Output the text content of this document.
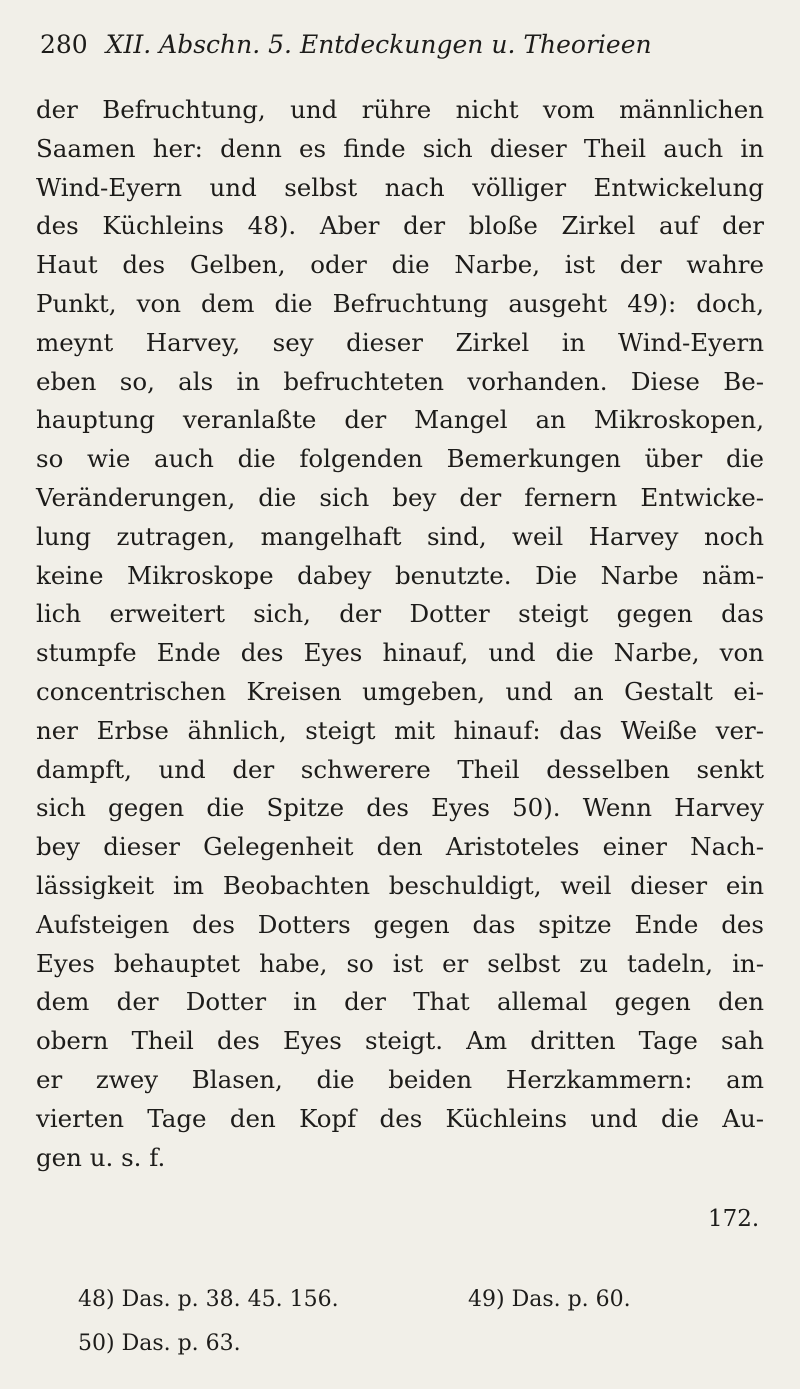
280 XII. Abschn. 5. Entdeckungen u. Theorieen
der Befruchtung, und rühre nicht vom männlichen
Saamen her: denn es finde sich dieser Theil auch in
Wind-Eyern und selbst nach völliger Entwickelung
des Küchleins 48). Aber der bloße Zirkel auf der
Haut des Gelben, oder die Narbe, ist der wahre
Punkt, von dem die Befruchtung ausgeht 49): doch,
meynt Harvey, sey dieser Zirkel in Wind-Eyern
eben so, als in befruchteten vorhanden. Diese Be-
hauptung veranlaßte der Mangel an Mikroskopen,
so wie auch die folgenden Bemerkungen über die
Veränderungen, die sich bey der fernern Entwicke-
lung zutragen, mangelhaft sind, weil Harvey noch
keine Mikroskope dabey benutzte. Die Narbe näm-
lich erweitert sich, der Dotter steigt gegen das
stumpfe Ende des Eyes hinauf, und die Narbe, von
concentrischen Kreisen umgeben, und an Gestalt ei-
ner Erbse ähnlich, steigt mit hinauf: das Weiße ver-
dampft, und der schwerere Theil desselben senkt
sich gegen die Spitze des Eyes 50). Wenn Harvey
bey dieser Gelegenheit den Aristoteles einer Nach-
lässigkeit im Beobachten beschuldigt, weil dieser ein
Aufsteigen des Dotters gegen das spitze Ende des
Eyes behauptet habe, so ist er selbst zu tadeln, in-
dem der Dotter in der That allemal gegen den
obern Theil des Eyes steigt. Am dritten Tage sah
er zwey Blasen, die beiden Herzkammern: am
vierten Tage den Kopf des Küchleins und die Au-
gen u. s. f.
172.
48) Das. p. 38. 45. 156.	49) Das. p. 60.
50) Das. p. 63.
